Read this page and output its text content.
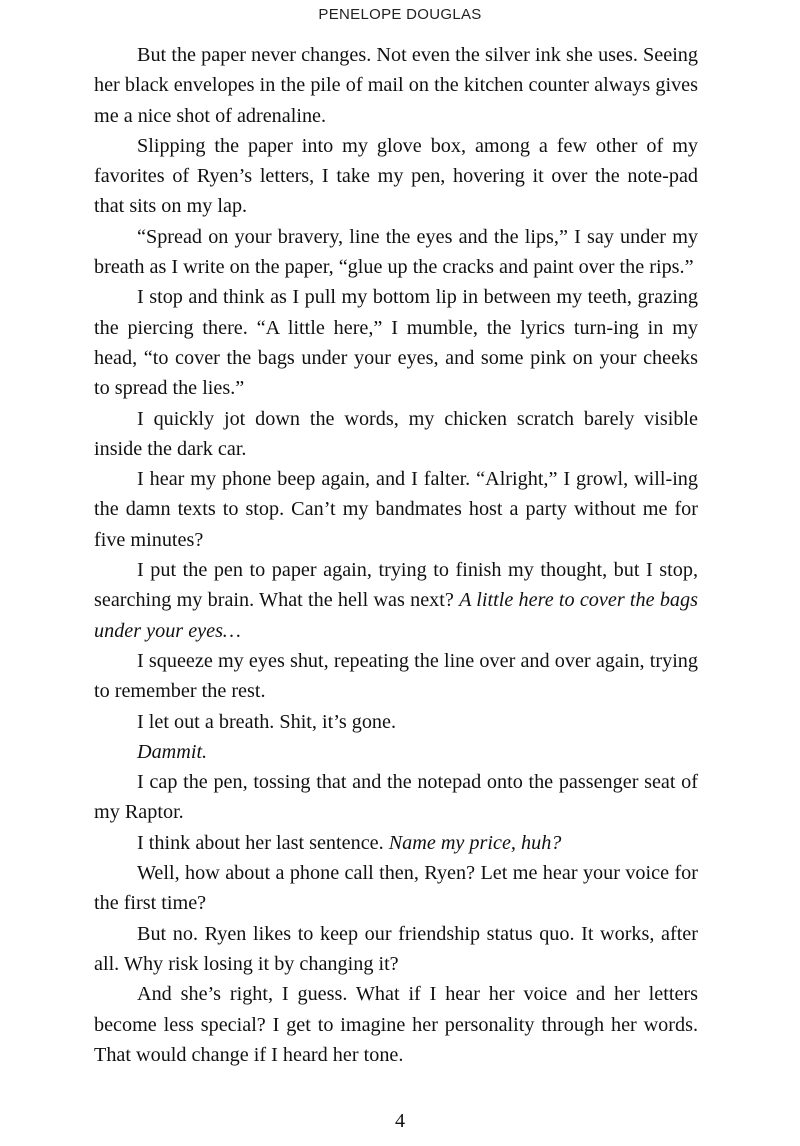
PENELOPE DOUGLAS

But the paper never changes. Not even the silver ink she uses. Seeing her black envelopes in the pile of mail on the kitchen counter always gives me a nice shot of adrenaline.

Slipping the paper into my glove box, among a few other of my favorites of Ryen’s letters, I take my pen, hovering it over the note-pad that sits on my lap.

“Spread on your bravery, line the eyes and the lips,” I say under my breath as I write on the paper, “glue up the cracks and paint over the rips.”

I stop and think as I pull my bottom lip in between my teeth, grazing the piercing there. “A little here,” I mumble, the lyrics turn-ing in my head, “to cover the bags under your eyes, and some pink on your cheeks to spread the lies.”

I quickly jot down the words, my chicken scratch barely visible inside the dark car.

I hear my phone beep again, and I falter. “Alright,” I growl, will-ing the damn texts to stop. Can’t my bandmates host a party without me for five minutes?

I put the pen to paper again, trying to finish my thought, but I stop, searching my brain. What the hell was next? A little here to cover the bags under your eyes…

I squeeze my eyes shut, repeating the line over and over again, trying to remember the rest.

I let out a breath. Shit, it’s gone.

Dammit.

I cap the pen, tossing that and the notepad onto the passenger seat of my Raptor.

I think about her last sentence. Name my price, huh?

Well, how about a phone call then, Ryen? Let me hear your voice for the first time?

But no. Ryen likes to keep our friendship status quo. It works, after all. Why risk losing it by changing it?

And she’s right, I guess. What if I hear her voice and her letters become less special? I get to imagine her personality through her words. That would change if I heard her tone.

4
